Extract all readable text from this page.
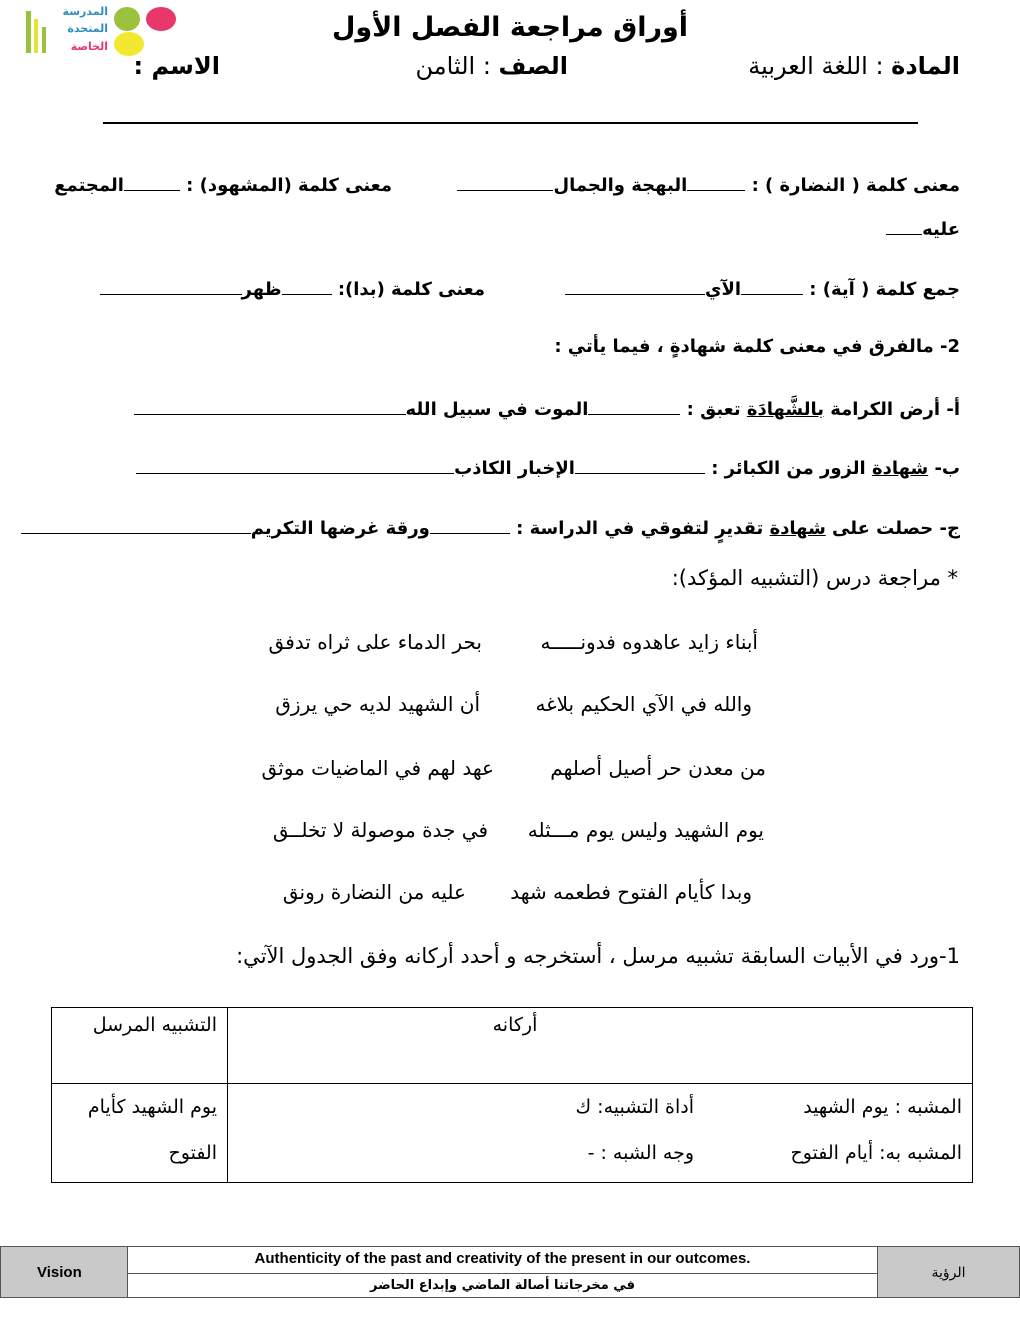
المدرسة
المتحدة
الخاصة
أوراق مراجعة الفصل الأول
المادة : اللغة العربية
الصف : الثامن
الاسم :
معنى كلمة ( النضارة ) : البهجة والجمال
معنى كلمة (المشهود) : المجتمع
عليه
جمع كلمة ( آية) : الآي
معنى كلمة (بدا): ظهر
2- مالفرق في معنى كلمة شهادةٍ ، فيما يأتي :
أ- أرض الكرامة بالشَّهادَة تعبق : الموت في سبيل الله
ب- شهادة الزور من الكبائر : الإخبار الكاذب
ج- حصلت على شهادة تقديرٍ لتفوقي في الدراسة : ورقة غرضها التكريم
* مراجعة درس (التشبيه المؤكد):
أبناء زايد عاهدوه فدونـــــه
بحر الدماء على ثراه تدفق
والله في الآي الحكيم بلاغه
أن الشهيد لديه حي يرزق
من معدن حر أصيل أصلهم
عهد لهم في الماضيات موثق
يوم الشهيد وليس يوم مـــثله
في جدة موصولة لا تخلــق
وبدا كأيام الفتوح فطعمه شهد
عليه من النضارة رونق
1-ورد في الأبيات السابقة تشبيه مرسل ، أستخرجه و أحدد أركانه وفق الجدول الآتي:
التشبيه المرسل	أركانه
يوم الشهيد كأيام الفتوح	المشبه : يوم الشهيد
أداة التشبيه: ك
المشبه به: أيام الفتوح
وجه الشبه : -
Vision
Authenticity of the past and creativity of the present in our outcomes.
في مخرجاتنا أصالة الماضي وإبداع الحاضر
الرؤية
